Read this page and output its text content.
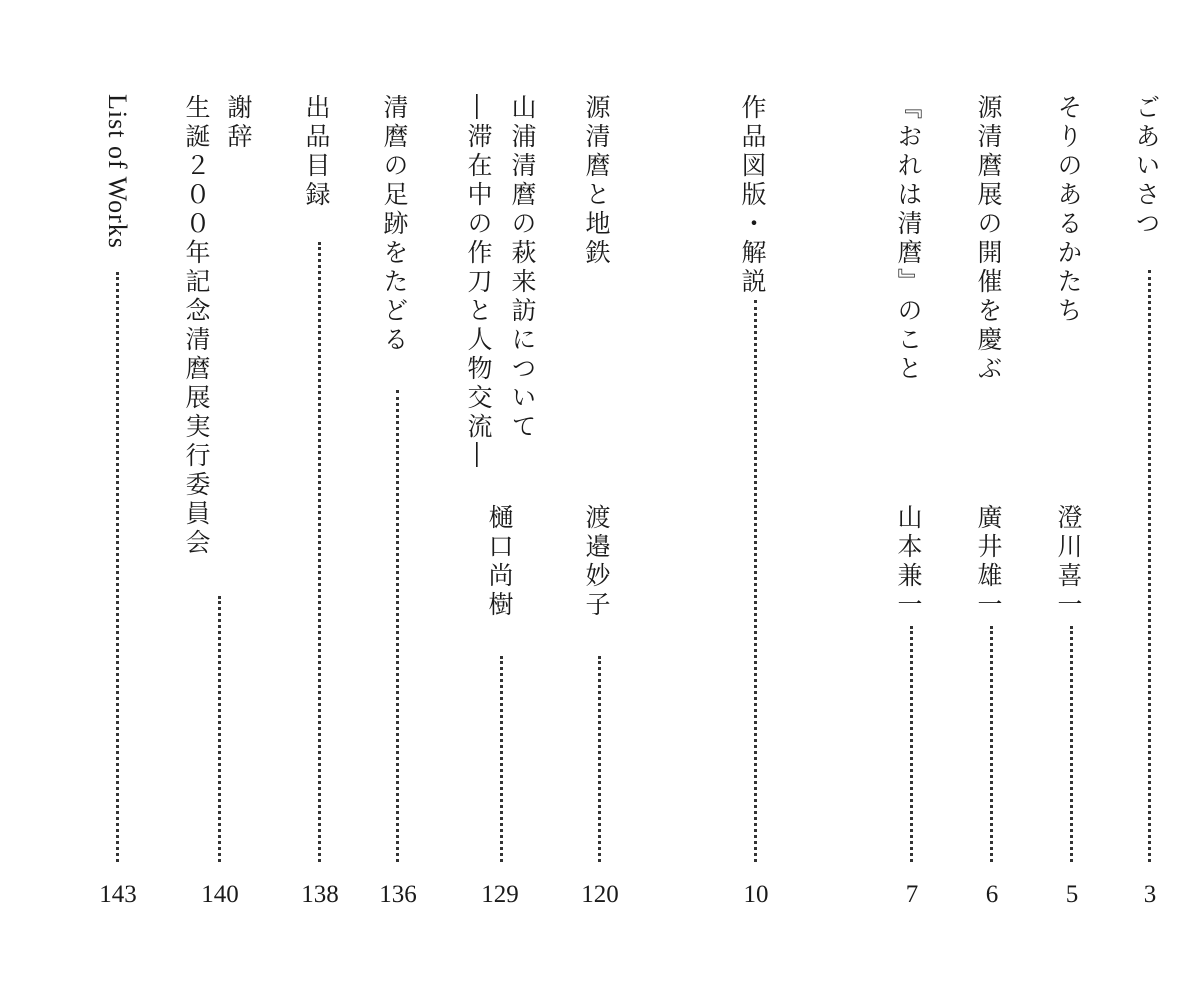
ごあいさつ
3
そりのあるかたち
澄川喜一
5
源清麿展の開催を慶ぶ
廣井雄一
6
『おれは清麿』のこと
山本兼一
7
作品図版・解説
10
源清麿と地鉄
渡邉妙子
120
山浦清麿の萩来訪について
―滞在中の作刀と人物交流―
樋口尚樹
129
清麿の足跡をたどる
136
出品目録
138
謝辞
生誕２００年記念清麿展実行委員会
140
List of Works
143
